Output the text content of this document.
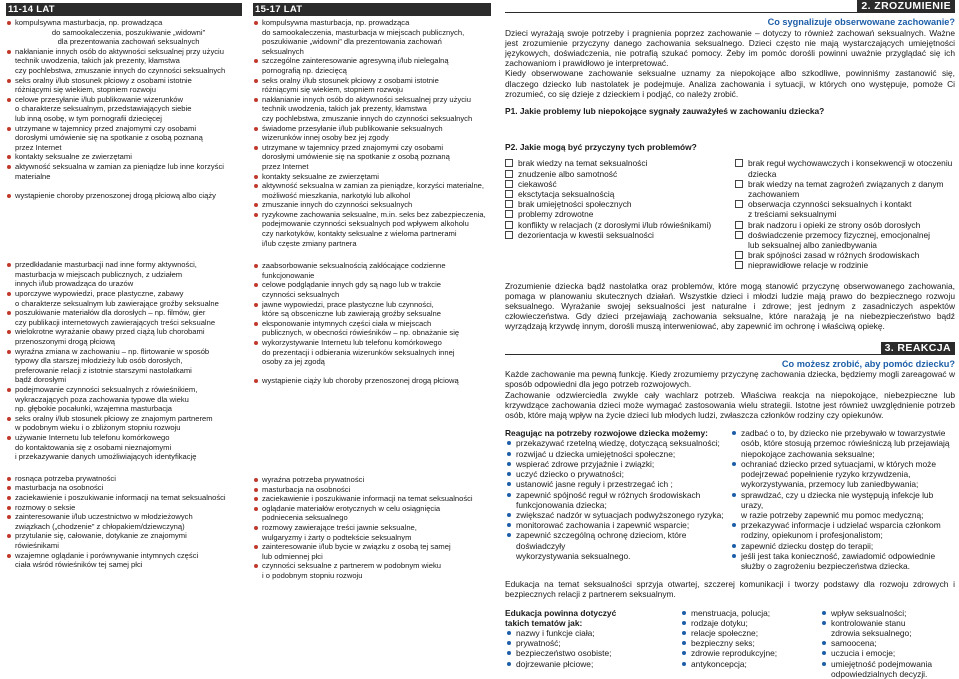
11-14 LAT
kompulsywna masturbacja, np. prowadząca
do samookaleczenia, poszukiwanie „widowni”
dla prezentowania zachowań seksualnych
nakłanianie innych osób do aktywności seksualnej przy użyciu
technik uwodzenia, takich jak prezenty, kłamstwa
czy pochlebstwa, zmuszanie innych do czynności seksualnych
seks oralny i/lub stosunek płciowy z osobami istotnie
różniącymi się wiekiem, stopniem rozwoju
celowe przesyłanie i/lub publikowanie wizerunków
o charakterze seksualnym, przedstawiających siebie
lub inną osobę, w tym pornografii dziecięcej
utrzymane w tajemnicy przed znajomymi czy osobami
dorosłymi umówienie się na spotkanie z osobą poznaną
przez Internet
kontakty seksualne ze zwierzętami
aktywność seksualna w zamian za pieniądze lub inne korzyści
materialne
wystąpienie choroby przenoszonej drogą płciową albo ciąży
przedkładanie masturbacji nad inne formy aktywności,
masturbacja w miejscach publicznych, z udziałem
innych i/lub prowadząca do urazów
uporczywe wypowiedzi, prace plastyczne, zabawy
o charakterze seksualnym lub zawierające groźby seksualne
poszukiwanie materiałów dla dorosłych – np. filmów, gier
czy publikacji internetowych zawierających treści seksualne
wielokrotne wyrażanie obawy przed ciążą lub chorobami
przenoszonymi drogą płciową
wyraźna zmiana w zachowaniu – np. flirtowanie w sposób
typowy dla starszej młodzieży lub osób dorosłych,
preferowanie relacji z istotnie starszymi nastolatkami
bądź dorosłymi
podejmowanie czynności seksualnych z rówieśnikiem,
wykraczających poza zachowania typowe dla wieku
np. głębokie pocałunki, wzajemna masturbacja
seks oralny i/lub stosunek płciowy ze znajomym partnerem
w podobnym wieku i o zbliżonym stopniu rozwoju
używanie Internetu lub telefonu komórkowego
do kontaktowania się z osobami nieznajomymi
i przekazywanie danych umożliwiających identyfikację
rosnąca potrzeba prywatności
masturbacja na osobności
zaciekawienie i poszukiwanie informacji na temat seksualności
rozmowy o seksie
zainteresowanie i/lub uczestnictwo w młodzieżowych
związkach („chodzenie” z chłopakiem/dziewczyną)
przytulanie się, całowanie, dotykanie ze znajomymi
rówieśnikami
wzajemne oglądanie i porównywanie intymnych części
ciała wśród rówieśników tej samej płci
15-17 LAT
kompulsywna masturbacja, np. prowadząca
do samookaleczenia, masturbacja w miejscach publicznych,
poszukiwanie „widowni” dla prezentowania zachowań
seksualnych
szczególne zainteresowanie agresywną i/lub nielegalną
pornografią np. dziecięcą
seks oralny i/lub stosunek płciowy z osobami istotnie
różniącymi się wiekiem, stopniem rozwoju
nakłanianie innych osób do aktywności seksualnej przy użyciu
technik uwodzenia, takich jak prezenty, kłamstwa
czy pochlebstwa, zmuszanie innych do czynności seksualnych
świadome przesyłanie i/lub publikowanie seksualnych
wizerunków innej osoby bez jej zgody
utrzymane w tajemnicy przed znajomymi czy osobami
dorosłymi umówienie się na spotkanie z osobą poznaną
przez Internet
kontakty seksualne ze zwierzętami
aktywność seksualna w zamian za pieniądze, korzyści materialne,
możliwość mieszkania, narkotyki lub alkohol
zmuszanie innych do czynności seksualnych
ryzykowne zachowania seksualne, m.in. seks bez zabezpieczenia,
podejmowanie czynności seksualnych pod wpływem alkoholu
czy narkotyków, kontakty seksualne z wieloma partnerami
i/lub częste zmiany partnera
zaabsorbowanie seksualnością zakłócające codzienne
funkcjonowanie
celowe podglądanie innych gdy są nago lub w trakcie
czynności seksualnych
jawne wypowiedzi, prace plastyczne lub czynności,
które są obsceniczne lub zawierają groźby seksualne
eksponowanie intymnych części ciała w miejscach
publicznych, w obecności rówieśników – np. obnażanie się
wykorzystywanie Internetu lub telefonu komórkowego
do prezentacji i odbierania wizerunków seksualnych innej
osoby za jej zgodą
wystąpienie ciąży lub choroby przenoszonej drogą płciową
wyraźna potrzeba prywatności
masturbacja na osobności
zaciekawienie i poszukiwanie informacji na temat seksualności
oglądanie materiałów erotycznych w celu osiągnięcia
podniecenia seksualnego
rozmowy zawierające treści jawnie seksualne,
wulgaryzmy i żarty o podtekście seksualnym
zainteresowanie i/lub bycie w związku z osobą tej samej
lub odmiennej płci
czynności seksualne z partnerem w podobnym wieku
i o podobnym stopniu rozwoju
2. ZROZUMIENIE
Co sygnalizuje obserwowane zachowanie?

Dzieci wyrażają swoje potrzeby i pragnienia poprzez zachowanie – dotyczy to również zachowań seksualnych. Ważne jest zrozumienie przyczyny danego zachowania seksualnego. Dzieci często nie mają wystarczających umiejętności językowych, doświadczenia, nie potrafią szukać pomocy. Żeby im pomóc dorośli powinni uważnie przyglądać się ich zachowaniom i prawidłowo je interpretować.

Kiedy obserwowane zachowanie seksualne uznamy za niepokojące albo szkodliwe, powinniśmy zastanowić się, dlaczego dziecko lub nastolatek je podejmuje. Analiza zachowania i sytuacji, w których ono występuje, pomoże Ci zrozumieć, co się dzieje z dzieckiem i podjąć, co należy zrobić.

P1. Jakie problemy lub niepokojące sygnały zauważyłeś w zachowaniu dziecka?

P2. Jakie mogą być przyczyny tych problemów?

brak wiedzy na temat seksualności
znudzenie albo samotność
ciekawość
eksctytacja seksualnością
brak umiejętności społecznych
problemy zdrowotne
konflikty w relacjach (z dorosłymi i/lub rówieśnikami)
dezorientacja w kwestii seksualności
brak reguł wychowawczych i konsekwencji w otoczeniu dziecka
brak wiedzy na temat zagrożeń związanych z danym
zachowaniem
obserwacja czynności seksualnych i kontakt
z treściami seksualnymi
brak nadzoru i opieki ze strony osób dorosłych
doświadczenie przemocy fizycznej, emocjonalnej
lub seksualnej albo zaniedbywania
brak spójności zasad w różnych środowiskach
nieprawidłowe relacje w rodzinie

Zrozumienie dziecka bądź nastolatka oraz problemów, które mogą stanowić przyczynę obserwowanego zachowania, pomaga w planowaniu skutecznych działań. Wszystkie dzieci i młodzi ludzie mają prawo do bezpiecznego rozwoju seksualnego. Wyrażanie swojej seksualności jest naturalne i zdrowe; jest jednym z zasadniczych aspektów człowieczeństwa. Gdy dzieci przejawiają zachowania seksualne, które narażają je na niebezpieczeństwo bądź wyrządzają krzywdę innym, dorośli muszą interweniować, aby zapewnić im ochronę i właściwą opiekę.

3. REAKCJA
Co możesz zrobić, aby pomóc dziecku?

Każde zachowanie ma pewną funkcję. Kiedy zrozumiemy przyczynę zachowania dziecka, będziemy mogli zareagować w sposób odpowiedni dla jego potrzeb rozwojowych.

Zachowanie odzwierciedla zwykle cały wachlarz potrzeb. Właściwa reakcja na niepokojące, niebezpieczne lub krzywdzące zachowania dzieci może wymagać zastosowania wielu strategii. Istotne jest również uwzględnienie potrzeb osób, które mają wpływ na życie dzieci lub młodych ludzi, zwłaszcza członków rodziny czy opiekunów.

Reagując na potrzeby rozwojowe dziecka możemy:
przekazywać rzetelną wiedzę, dotyczącą seksualności;
rozwijać u dziecka umiejętności społeczne;
wspierać zdrowe przyjaźnie i związki;
uczyć dziecko o prywatności;
ustanowić jasne reguły i przestrzegać ich ;
zapewnić spójność reguł w różnych środowiskach
funkcjonowania dziecka;
zwiększać nadzór w sytuacjach podwyższonego ryzyka;
monitorować zachowania i zapewnić wsparcie;
zapewnić szczególną ochronę dzieciom, które doświadczyły
wykorzystywania seksualnego.
zadbać o to, by dziecko nie przebywało w towarzystwie
osób, które stosują przemoc rówieśniczą lub przejawiają
niepokojące zachowania seksualne;
ochraniać dziecko przed sytuacjami, w których może
podejrzewać popełnienie ryzyko krzywdzenia,
wykorzystywania, przemocy lub zaniedbywania;
sprawdzać, czy u dziecka nie występują infekcje lub urazy,
w razie potrzeby zapewnić mu pomoc medyczną;
przekazywać informacje i udzielać wsparcia członkom
rodziny, opiekunom i profesjonalistom;
zapewnić dziecku dostęp do terapii;
jeśli jest taka konieczność, zawiadomić odpowiednie
służby o zagrożeniu bezpieczeństwa dziecka.

Edukacja na temat seksualności sprzyja otwartej, szczerej komunikacji i tworzy podstawy dla rozwoju zdrowych i bezpiecznych relacji z partnerem seksualnym.

Edukacja powinna dotyczyć
takich tematów jak:
nazwy i funkcje ciała;
prywatność;
bezpieczeństwo osobiste;
dojrzewanie płciowe;
menstruacja, polucja;
rodzaje dotyku;
relacje społeczne;
bezpieczny seks;
zdrowie reprodukcyjne;
antykoncepcja;
wpływ seksualności;
kontrolowanie stanu
zdrowia seksualnego;
samoocena;
uczucia i emocje;
umiejętność podejmowania
odpowiedzialnych decyzji.
